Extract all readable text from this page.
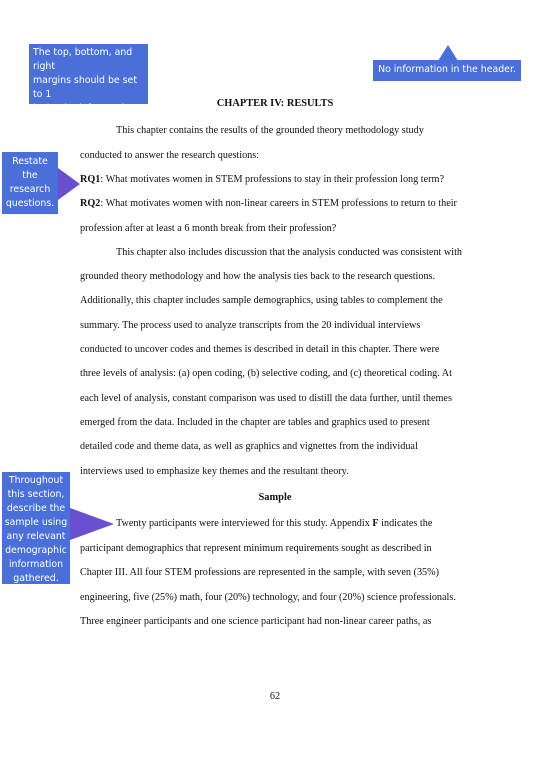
The top, bottom, and right
margins should be set to 1
inch. The left margin
should be set to 1 ½ inch.
No information in the header.
Restate
the
research
questions.
Throughout
this section,
describe the
sample using
any relevant
demographic
information
gathered.
CHAPTER IV: RESULTS
This chapter contains the results of the grounded theory methodology study
conducted to answer the research questions:
RQ1: What motivates women in STEM professions to stay in their profession long term?
RQ2: What motivates women with non-linear careers in STEM professions to return to their
profession after at least a 6 month break from their profession?
This chapter also includes discussion that the analysis conducted was consistent with
grounded theory methodology and how the analysis ties back to the research questions.
Additionally, this chapter includes sample demographics, using tables to complement the
summary. The process used to analyze transcripts from the 20 individual interviews
conducted to uncover codes and themes is described in detail in this chapter. There were
three levels of analysis: (a) open coding, (b) selective coding, and (c) theoretical coding. At
each level of analysis, constant comparison was used to distill the data further, until themes
emerged from the data. Included in the chapter are tables and graphics used to present
detailed code and theme data, as well as graphics and vignettes from the individual
interviews used to emphasize key themes and the resultant theory.
Sample
Twenty participants were interviewed for this study. Appendix F indicates the
participant demographics that represent minimum requirements sought as described in
Chapter III. All four STEM professions are represented in the sample, with seven (35%)
engineering, five (25%) math, four (20%) technology, and four (20%) science professionals.
Three engineer participants and one science participant had non-linear career paths, as
62
